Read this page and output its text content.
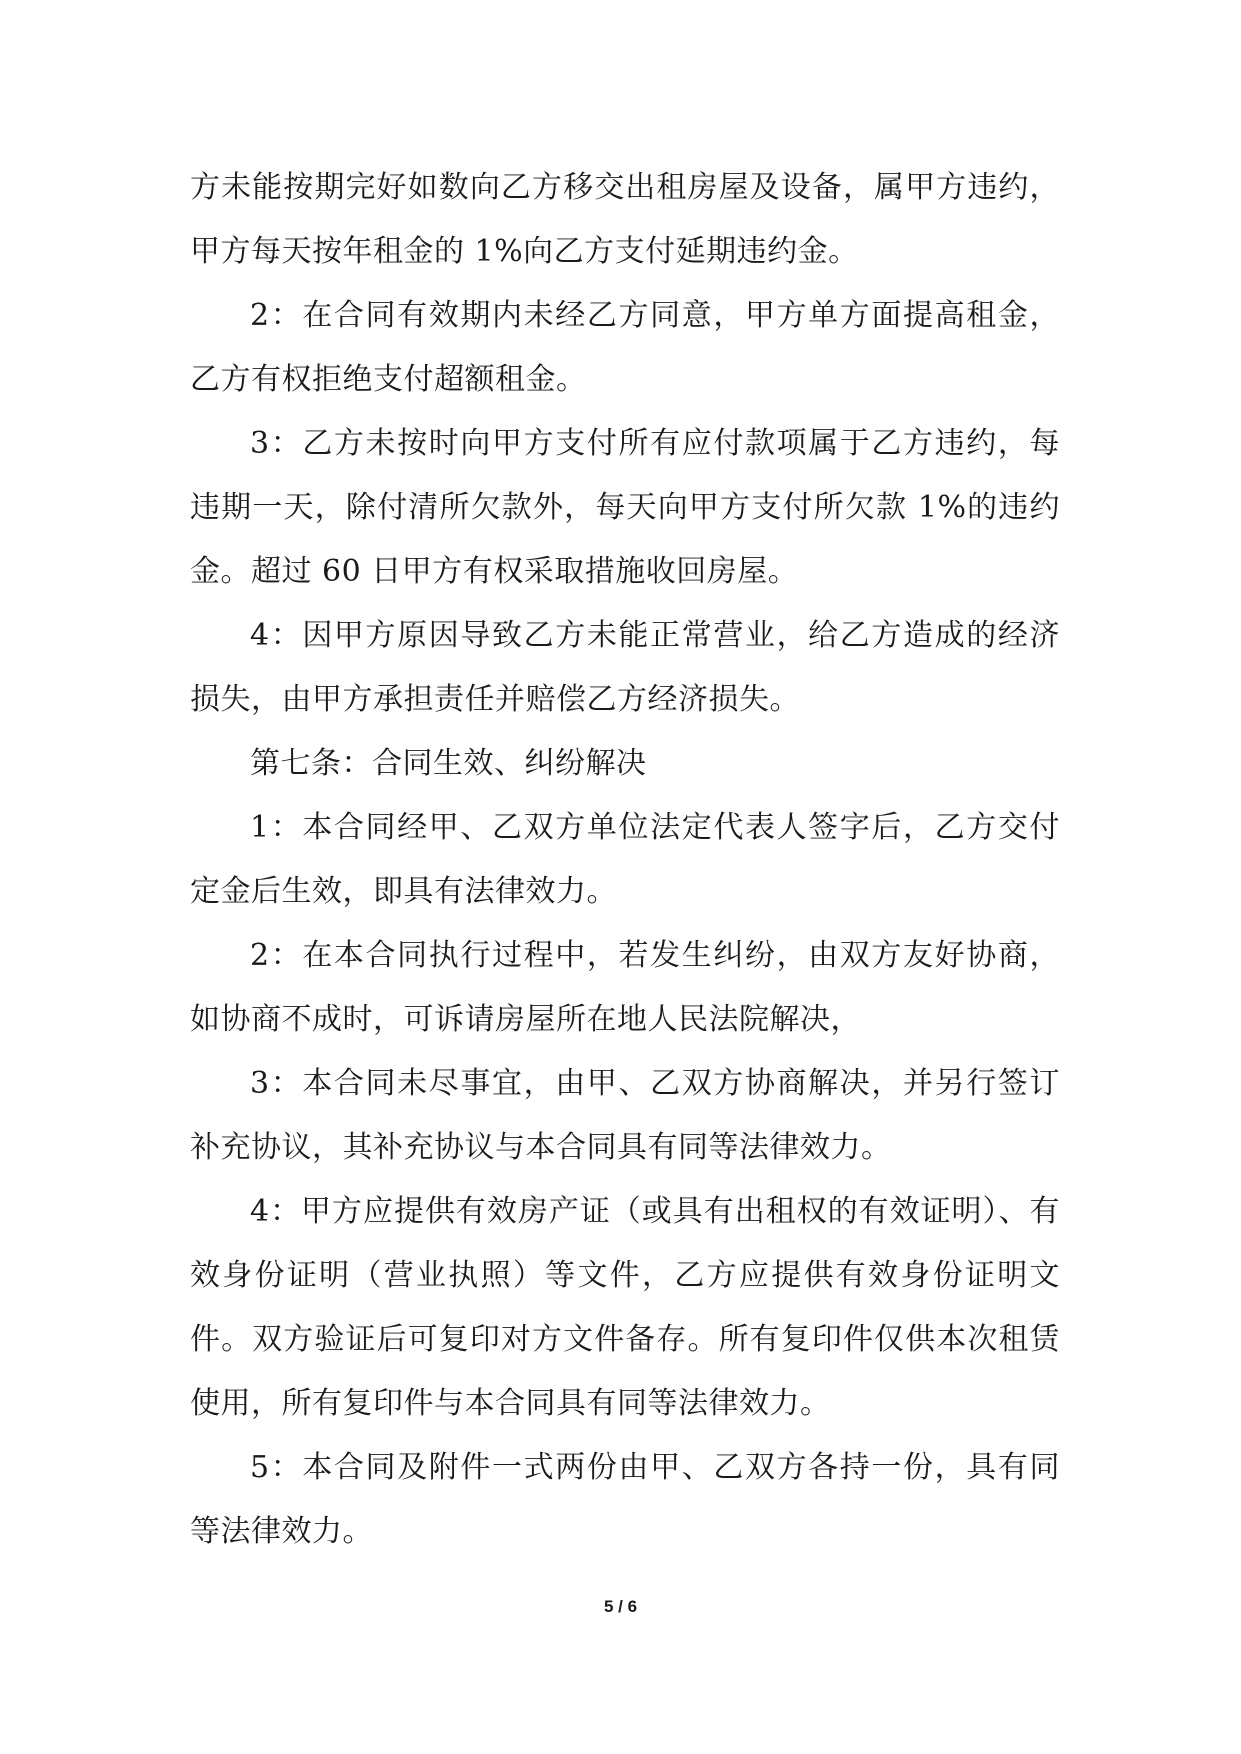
方未能按期完好如数向乙方移交出租房屋及设备，属甲方违约，甲方每天按年租金的 1%向乙方支付延期违约金。

2：在合同有效期内未经乙方同意，甲方单方面提高租金，乙方有权拒绝支付超额租金。

3：乙方未按时向甲方支付所有应付款项属于乙方违约，每违期一天，除付清所欠款外，每天向甲方支付所欠款 1%的违约金。超过 60 日甲方有权采取措施收回房屋。

4：因甲方原因导致乙方未能正常营业，给乙方造成的经济损失，由甲方承担责任并赔偿乙方经济损失。

第七条：合同生效、纠纷解决

1：本合同经甲、乙双方单位法定代表人签字后，乙方交付定金后生效，即具有法律效力。

2：在本合同执行过程中，若发生纠纷，由双方友好协商，如协商不成时，可诉请房屋所在地人民法院解决，

3：本合同未尽事宜，由甲、乙双方协商解决，并另行签订补充协议，其补充协议与本合同具有同等法律效力。

4：甲方应提供有效房产证（或具有出租权的有效证明）、有效身份证明（营业执照）等文件，乙方应提供有效身份证明文件。双方验证后可复印对方文件备存。所有复印件仅供本次租赁使用，所有复印件与本合同具有同等法律效力。

5：本合同及附件一式两份由甲、乙双方各持一份，具有同等法律效力。

5 / 6
